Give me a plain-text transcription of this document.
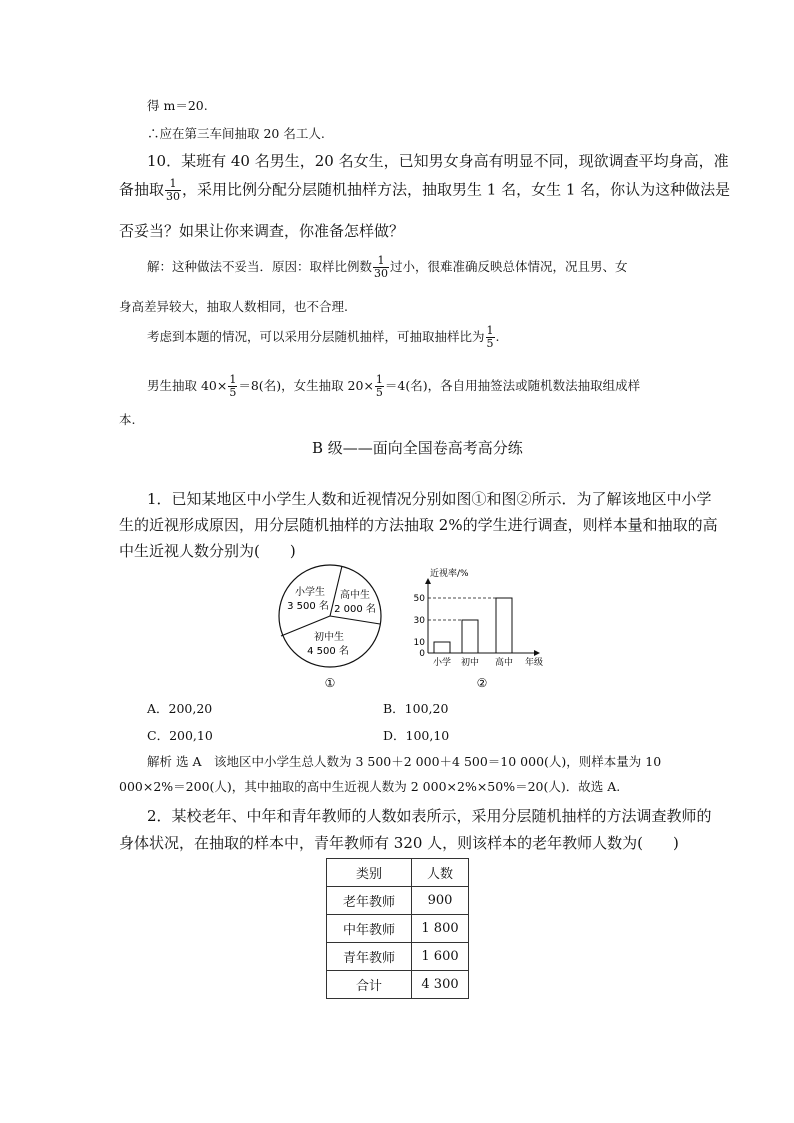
得 m＝20.
∴应在第三车间抽取 20 名工人.
10．某班有 40 名男生，20 名女生，已知男女身高有明显不同，现欲调查平均身高，准
备抽取 $\frac{1}{30}$ ，采用比例分配分层随机抽样方法，抽取男生 1 名，女生 1 名，你认为这种做法是
否妥当？如果让你来调查，你准备怎样做？
解：这种做法不妥当．原因：取样比例数 $\frac{1}{30}$ 过小，很难准确反映总体情况，况且男、女
身高差异较大，抽取人数相同，也不合理.
考虑到本题的情况，可以采用分层随机抽样，可抽取抽样比为 $\frac{1}{5}$ .
男生抽取 $40\times \frac{1}{5} =8$(名)，女生抽取 $20\times \frac{1}{5} =4$(名)，各自用抽签法或随机数法抽取组成样
本.
B 级——面向全国卷高考高分练
1．已知某地区中小学生人数和近视情况分别如图①和图②所示．为了解该地区中小学
生的近视形成原因，用分层随机抽样的方法抽取 2%的学生进行调查，则样本量和抽取的高
中生近视人数分别为(　　)
小学生
3 500 名
高中生
2 000 名
初中生
4 500 名
①
近视率/%
0
10
30
50
小学 初中 高中 年级
②
A．200,20	B．100,20
C．200,10	D．100,10
解析 选 A　该地区中小学生总人数为 3 500＋2 000＋4 500＝10 000(人)，则样本量为 10
000×2%＝200(人)，其中抽取的高中生近视人数为 2 000×2%×50%＝20(人)．故选 A.
2．某校老年、中年和青年教师的人数如表所示，采用分层随机抽样的方法调查教师的
身体状况，在抽取的样本中，青年教师有 320 人，则该样本的老年教师人数为(　　)
类别	人数
老年教师	900
中年教师	1 800
青年教师	1 600
合计	4 300
